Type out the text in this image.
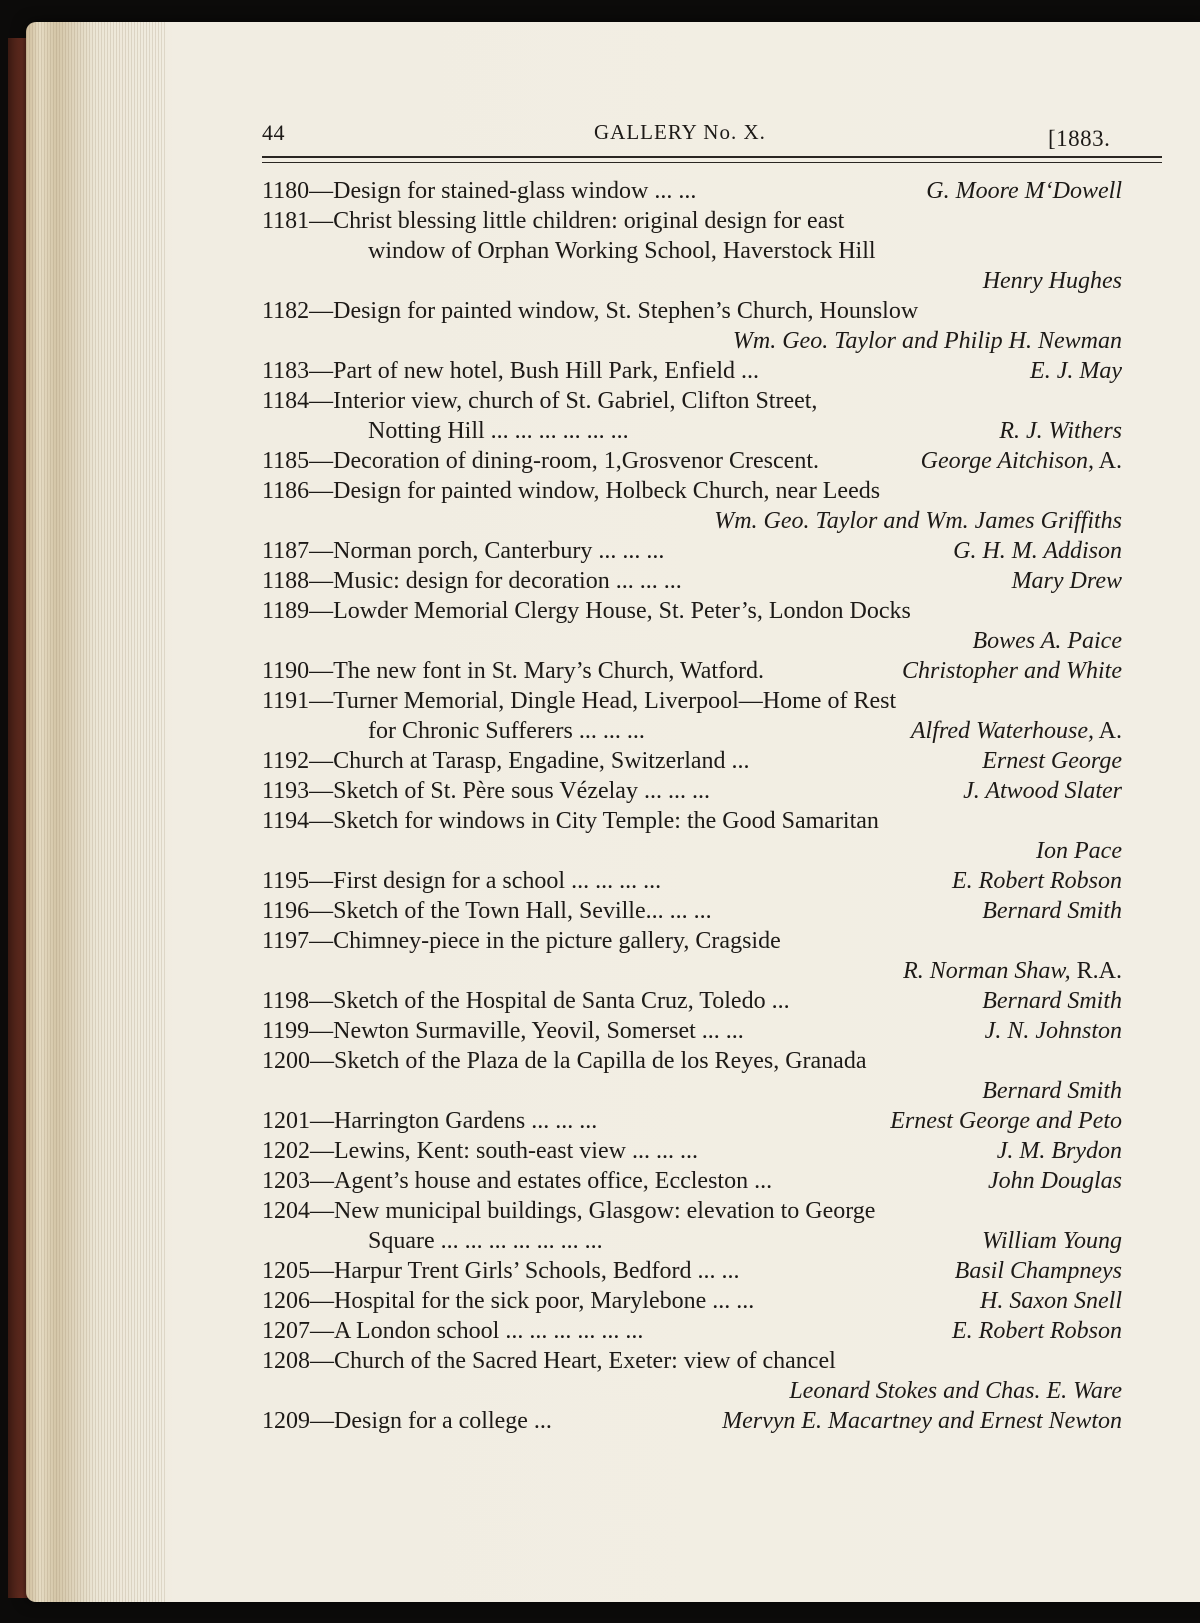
44	GALLERY No. X.	[1883.
1180—Design for stained-glass window ... ...	G. Moore M‘Dowell
1181—Christ blessing little children: original design for east
window of Orphan Working School, Haverstock Hill
Henry Hughes
1182—Design for painted window, St. Stephen’s Church, Hounslow
Wm. Geo. Taylor and Philip H. Newman
1183—Part of new hotel, Bush Hill Park, Enfield ...	E. J. May
1184—Interior view, church of St. Gabriel, Clifton Street,
Notting Hill ... ... ... ... ... ...	R. J. Withers
1185—Decoration of dining-room, 1,Grosvenor Crescent.	George Aitchison, A.
1186—Design for painted window, Holbeck Church, near Leeds
Wm. Geo. Taylor and Wm. James Griffiths
1187—Norman porch, Canterbury ... ... ...	G. H. M. Addison
1188—Music: design for decoration ... ... ...	Mary Drew
1189—Lowder Memorial Clergy House, St. Peter’s, London Docks
Bowes A. Paice
1190—The new font in St. Mary’s Church, Watford.	Christopher and White
1191—Turner Memorial, Dingle Head, Liverpool—Home of Rest
for Chronic Sufferers ... ... ...	Alfred Waterhouse, A.
1192—Church at Tarasp, Engadine, Switzerland ...	Ernest George
1193—Sketch of St. Père sous Vézelay ... ... ...	J. Atwood Slater
1194—Sketch for windows in City Temple: the Good Samaritan
Ion Pace
1195—First design for a school ... ... ... ...	E. Robert Robson
1196—Sketch of the Town Hall, Seville... ... ...	Bernard Smith
1197—Chimney-piece in the picture gallery, Cragside
R. Norman Shaw, R.A.
1198—Sketch of the Hospital de Santa Cruz, Toledo ...	Bernard Smith
1199—Newton Surmaville, Yeovil, Somerset ... ...	J. N. Johnston
1200—Sketch of the Plaza de la Capilla de los Reyes, Granada
Bernard Smith
1201—Harrington Gardens ... ... ...	Ernest George and Peto
1202—Lewins, Kent: south-east view ... ... ...	J. M. Brydon
1203—Agent’s house and estates office, Eccleston ...	John Douglas
1204—New municipal buildings, Glasgow: elevation to George
Square ... ... ... ... ... ... ...	William Young
1205—Harpur Trent Girls’ Schools, Bedford ... ...	Basil Champneys
1206—Hospital for the sick poor, Marylebone ... ...	H. Saxon Snell
1207—A London school ... ... ... ... ... ...	E. Robert Robson
1208—Church of the Sacred Heart, Exeter: view of chancel
Leonard Stokes and Chas. E. Ware
1209—Design for a college ...	Mervyn E. Macartney and Ernest Newton
